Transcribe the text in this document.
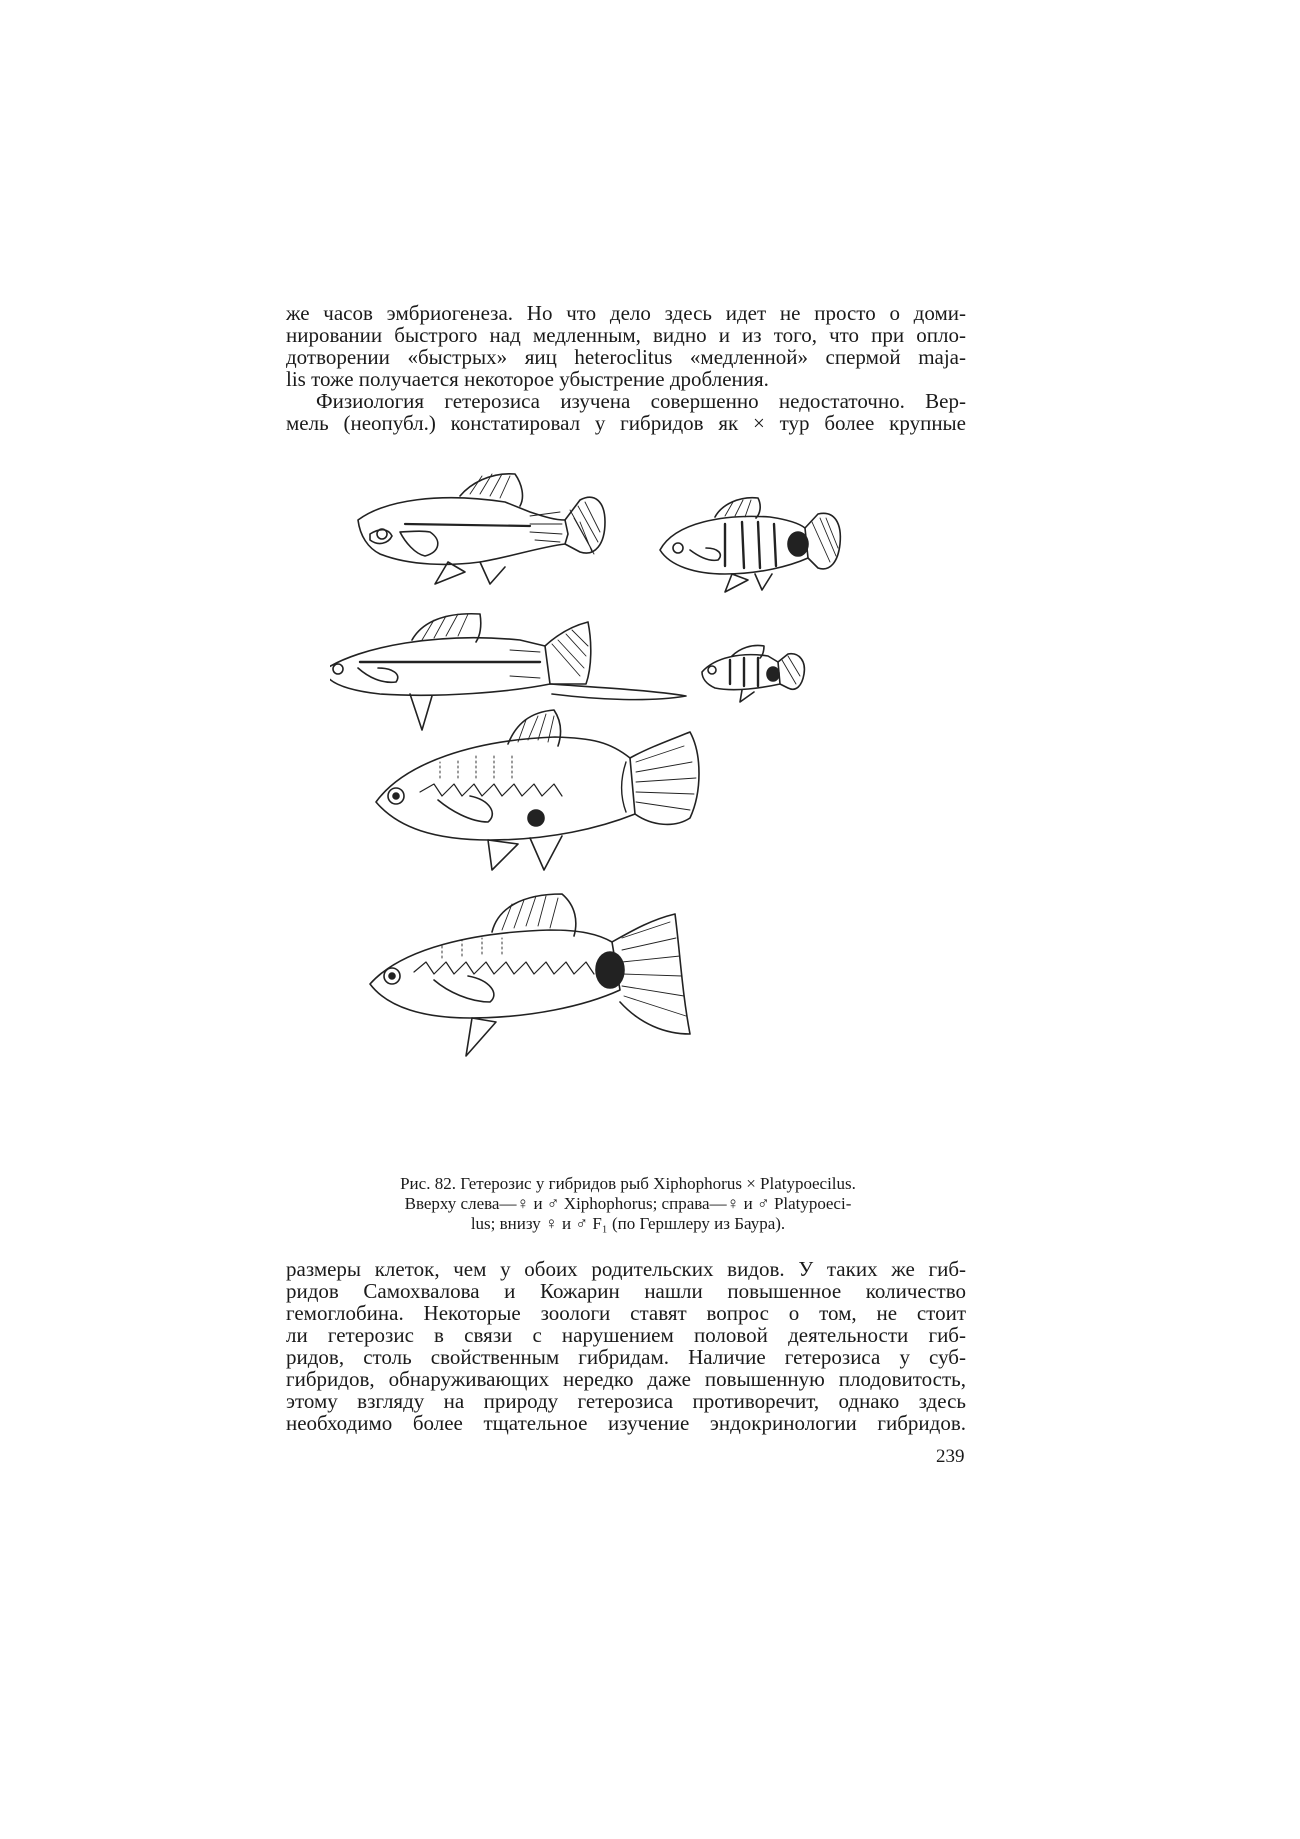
же часов эмбриогенеза. Но что дело здесь идет не просто о доми-
нировании быстрого над медленным, видно и из того, что при опло-
дотворении «быстрых» яиц heteroclitus «медленной» спермой maja-
lis тоже получается некоторое убыстрение дробления.
Физиология гетерозиса изучена совершенно недостаточно. Вер-
мель (неопубл.) констатировал у гибридов як × тур более крупные
Рис. 82. Гетерозис у гибридов рыб Xiphophorus × Platypoecilus.
Вверху слева—♀ и ♂ Xiphophorus; справа—♀ и ♂ Platypoeci-
lus; внизу ♀ и ♂ F₁ (по Гершлеру из Баура).
размеры клеток, чем у обоих родительских видов. У таких же гиб-
ридов Самохвалова и Кожарин нашли повышенное количество
гемоглобина. Некоторые зоологи ставят вопрос о том, не стоит
ли гетерозис в связи с нарушением половой деятельности гиб-
ридов, столь свойственным гибридам. Наличие гетерозиса у суб-
гибридов, обнаруживающих нередко даже повышенную плодовитость,
этому взгляду на природу гетерозиса противоречит, однако здесь
необходимо более тщательное изучение эндокринологии гибридов.
239
